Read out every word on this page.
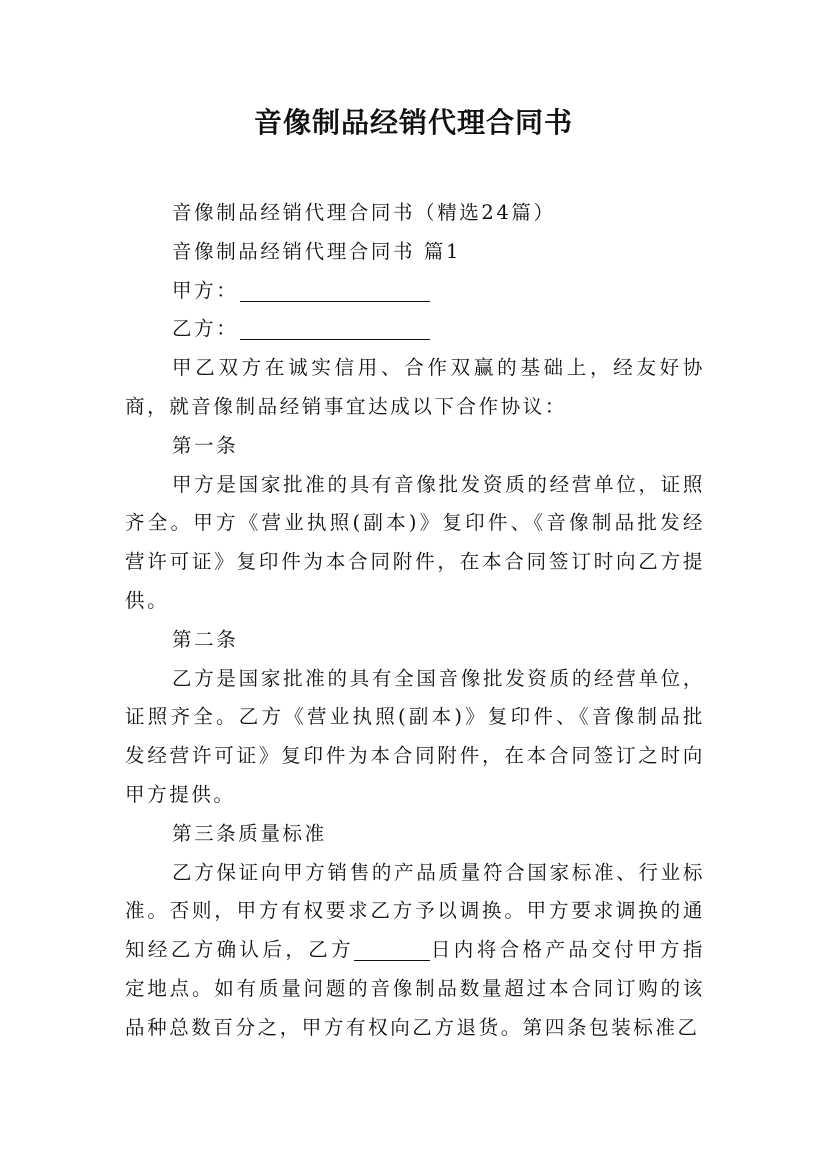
音像制品经销代理合同书

音像制品经销代理合同书（精选24篇）

音像制品经销代理合同书 篇1

甲方：

乙方：

甲乙双方在诚实信用、合作双赢的基础上，经友好协商，就音像制品经销事宜达成以下合作协议：

第一条

甲方是国家批准的具有音像批发资质的经营单位，证照齐全。甲方《营业执照(副本)》复印件、《音像制品批发经营许可证》复印件为本合同附件，在本合同签订时向乙方提供。

第二条

乙方是国家批准的具有全国音像批发资质的经营单位，证照齐全。乙方《营业执照(副本)》复印件、《音像制品批发经营许可证》复印件为本合同附件，在本合同签订之时向甲方提供。

第三条质量标准

乙方保证向甲方销售的产品质量符合国家标准、行业标准。否则，甲方有权要求乙方予以调换。甲方要求调换的通知经乙方确认后，乙方	日内将合格产品交付甲方指定地点。如有质量问题的音像制品数量超过本合同订购的该品种总数百分之，甲方有权向乙方退货。第四条包装标准乙
